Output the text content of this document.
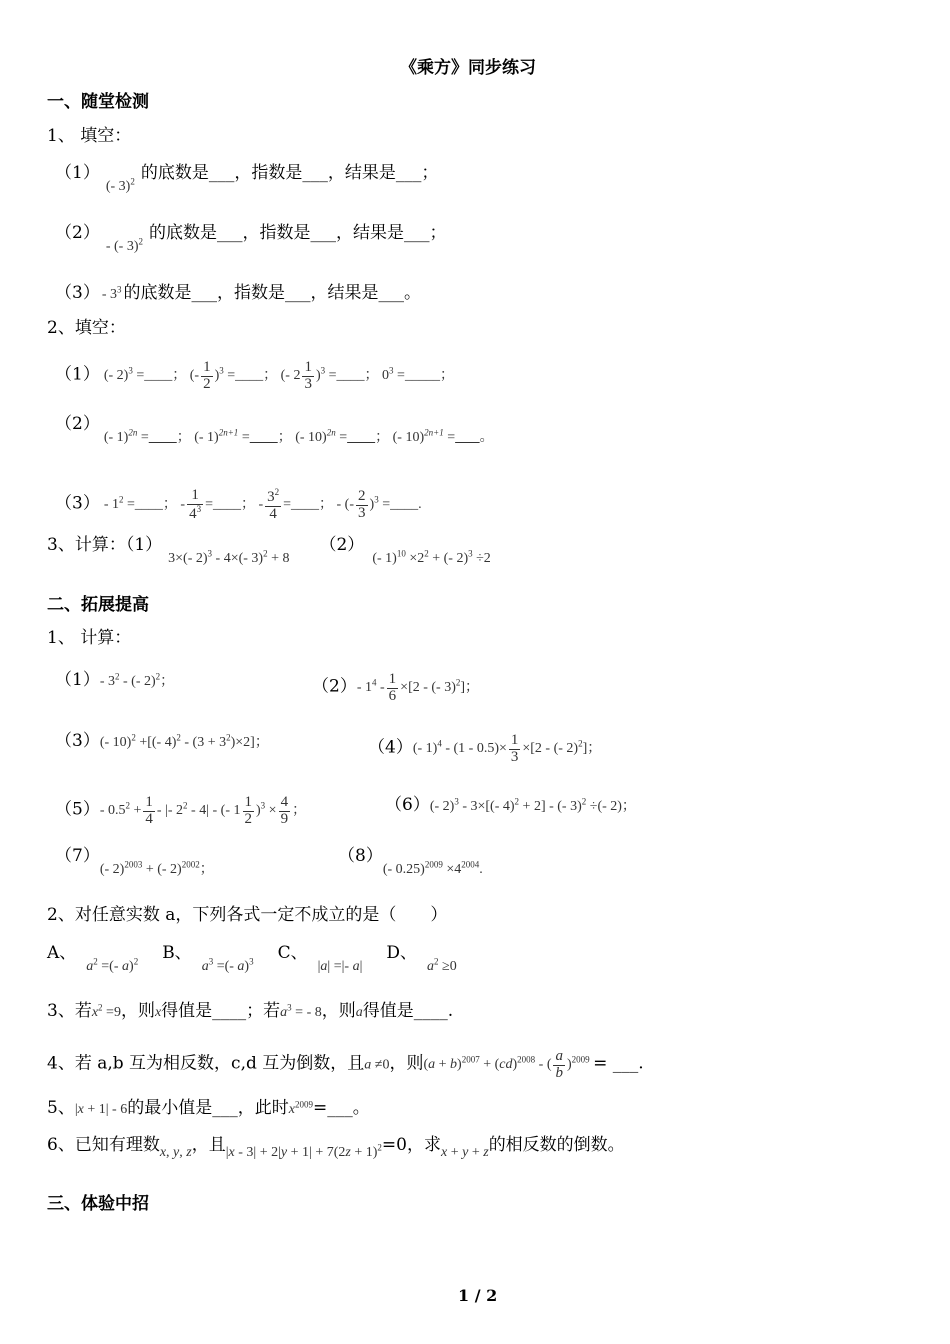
《乘方》同步练习
一、随堂检测
1、 填空：
$(1)_{(- 3)^2}$ 的底数是___，指数是___，结果是___；
$(2)_{- (- 3)^2}$ 的底数是___，指数是___，结果是___；
$(3) - 3^3$ 的底数是___，指数是___，结果是___。
2、填空：
（1） (- 2)$^3$ =____； (- $\frac{1}{2} )^3$ =____； (- $2 \frac{1}{3} )^3$ =____； $0^3$ =_____；
$(2)_{(- 1)^{2n} = ; (- 1)^{2n+1} = ; (- 10)^{2n} = ; (- 10)^{2n+1} = 。}$
$(3) - 1^2$ =____； - $\frac{1}{4^3}$ =____； - $\frac{3^2}{4}$ =____； - (- $\frac{2}{3} )^3$ =____.
3、计算：$(1)_{3\times(- 2)^3 - 4\times(- 3)^2 + 8}(2)_{(- 1)^{10} \times 2^2 + (- 2)^3 \div 2}$
二、拓展提高
1、 计算：
（1）- $3^2$ - (- 2)$^2$；	（2）- $1^4 - \frac{1}{6} \times[2$ - (- 3)$^2$]；
（3）(- 10)$^2$ +[(- $4)^2 - (3 + 3^2)\times 2$]；	（4）(- $1)^4 - (1 - 0.5)\times \frac{1}{3} \times[2$ - (- 2)$^2$]；
（5）- $0.5^2 + \frac{1}{4}$ - |- $2^2 - 4|$ - (- $1 \frac{1}{2} )^3 \times \frac{4}{9}$ ；	（6）(- 2)$^3$ - 3×[(- 4)$^2$ + 2] - (- 3)$^2$ ÷(- 2)；
$(7)_{(- 2)^{2003} + (- 2)^{2002};}$
$(8)_{(- 0.25)^{2009} \times 4^{2004}.}$
2、对任意实数 a，下列各式一定不成立的是（　　）
A、$_{a^2 =(- a)^2}$ B、$_{a^3 =(- a)^3}$ C、$_{|a| =|- a|}$D、$_{a^2 \ge 0}$
3、若$x^2 =9$，则x得值是____；若$a^3$ = - 8，则a得值是____.
4、若 a,b 互为相反数，c,d 互为倒数，且a ≠0，则$(a + b)^{2007} + (cd)^{2008}$ - ( $\frac{a}{b} )^{2009}$ = ___.
5、|x + 1| - 6的最小值是___，此时$x^{2009}=\_\_\_$。
6、已知有理数$_{x, y, z}$，且$_{|x - 3| + 2|y + 1| + 7(2z + 1)^2}$=0，求$_{x + y + z}$的相反数的倒数。
三、体验中招
1 / 2
